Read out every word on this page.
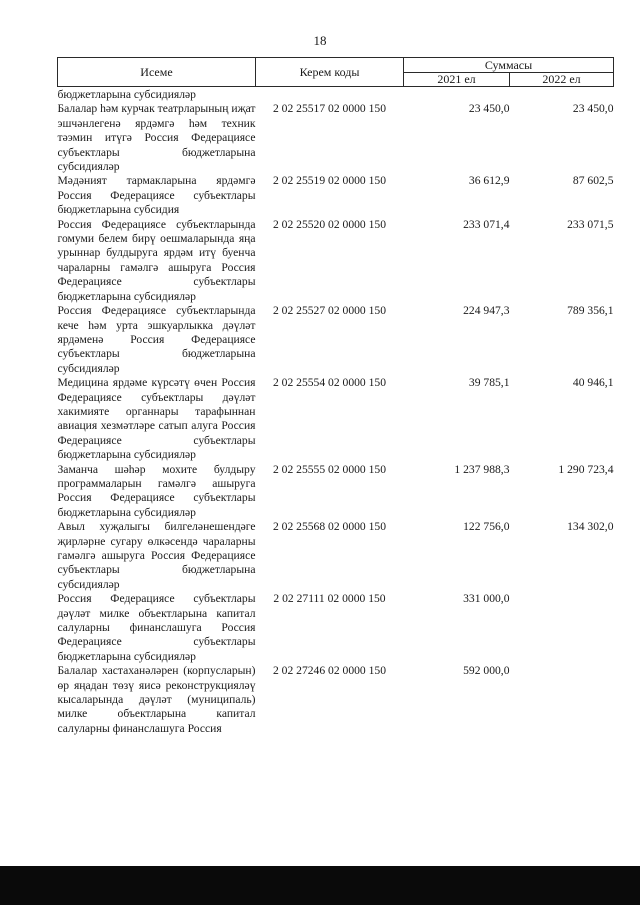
18
Исеме	Керем коды	Суммасы	
		2021 ел	2022 ел
бюджетларына субсидияләр			
Балалар һәм курчак театрларының иҗат эшчәнлегенә ярдәмгә һәм техник тәэмин итүгә Россия Федерациясе субъектлары бюджетларына субсидияләр	2 02 25517 02 0000 150	23 450,0	23 450,0
Мәдәният тармакларына ярдәмгә Россия Федерациясе субъектлары бюджетларына субсидия	2 02 25519 02 0000 150	36 612,9	87 602,5
Россия Федерациясе субъектларында гомуми белем бирү оешмаларында яңа урыннар булдыруга ярдәм итү буенча чараларны гамәлгә ашыруга Россия Федерациясе субъектлары бюджетларына субсидияләр	2 02 25520 02 0000 150	233 071,4	233 071,5
Россия Федерациясе субъектларында кече һәм урта эшкуарлыкка дәүләт ярдәменә Россия Федерациясе субъектлары бюджетларына субсидияләр	2 02 25527 02 0000 150	224 947,3	789 356,1
Медицина ярдәме күрсәтү өчен Россия Федерациясе субъектлары дәүләт хакимияте органнары тарафыннан авиация хезмәтләре сатып алуга Россия Федерациясе субъектлары бюджетларына субсидияләр	2 02 25554 02 0000 150	39 785,1	40 946,1
Заманча шәһәр мохите булдыру программаларын гамәлгә ашыруга Россия Федерациясе субъектлары бюджетларына субсидияләр	2 02 25555 02 0000 150	1 237 988,3	1 290 723,4
Авыл хуҗалыгы билгеләнешендәге җирләрне сугару өлкәсендә чараларны гамәлгә ашыруга Россия Федерациясе субъектлары бюджетларына субсидияләр	2 02 25568 02 0000 150	122 756,0	134 302,0
Россия Федерациясе субъектлары дәүләт милке объектларына капитал салуларны финанслашуга Россия Федерациясе субъектлары бюджетларына субсидияләр	2 02 27111 02 0000 150	331 000,0	
Балалар хастаханәләрен (корпусларын) өр яңадан төзү яисә реконструкцияләү кысаларында дәүләт (муниципаль) милке объектларына капитал салуларны финанслашуга Россия	2 02 27246 02 0000 150	592 000,0	
